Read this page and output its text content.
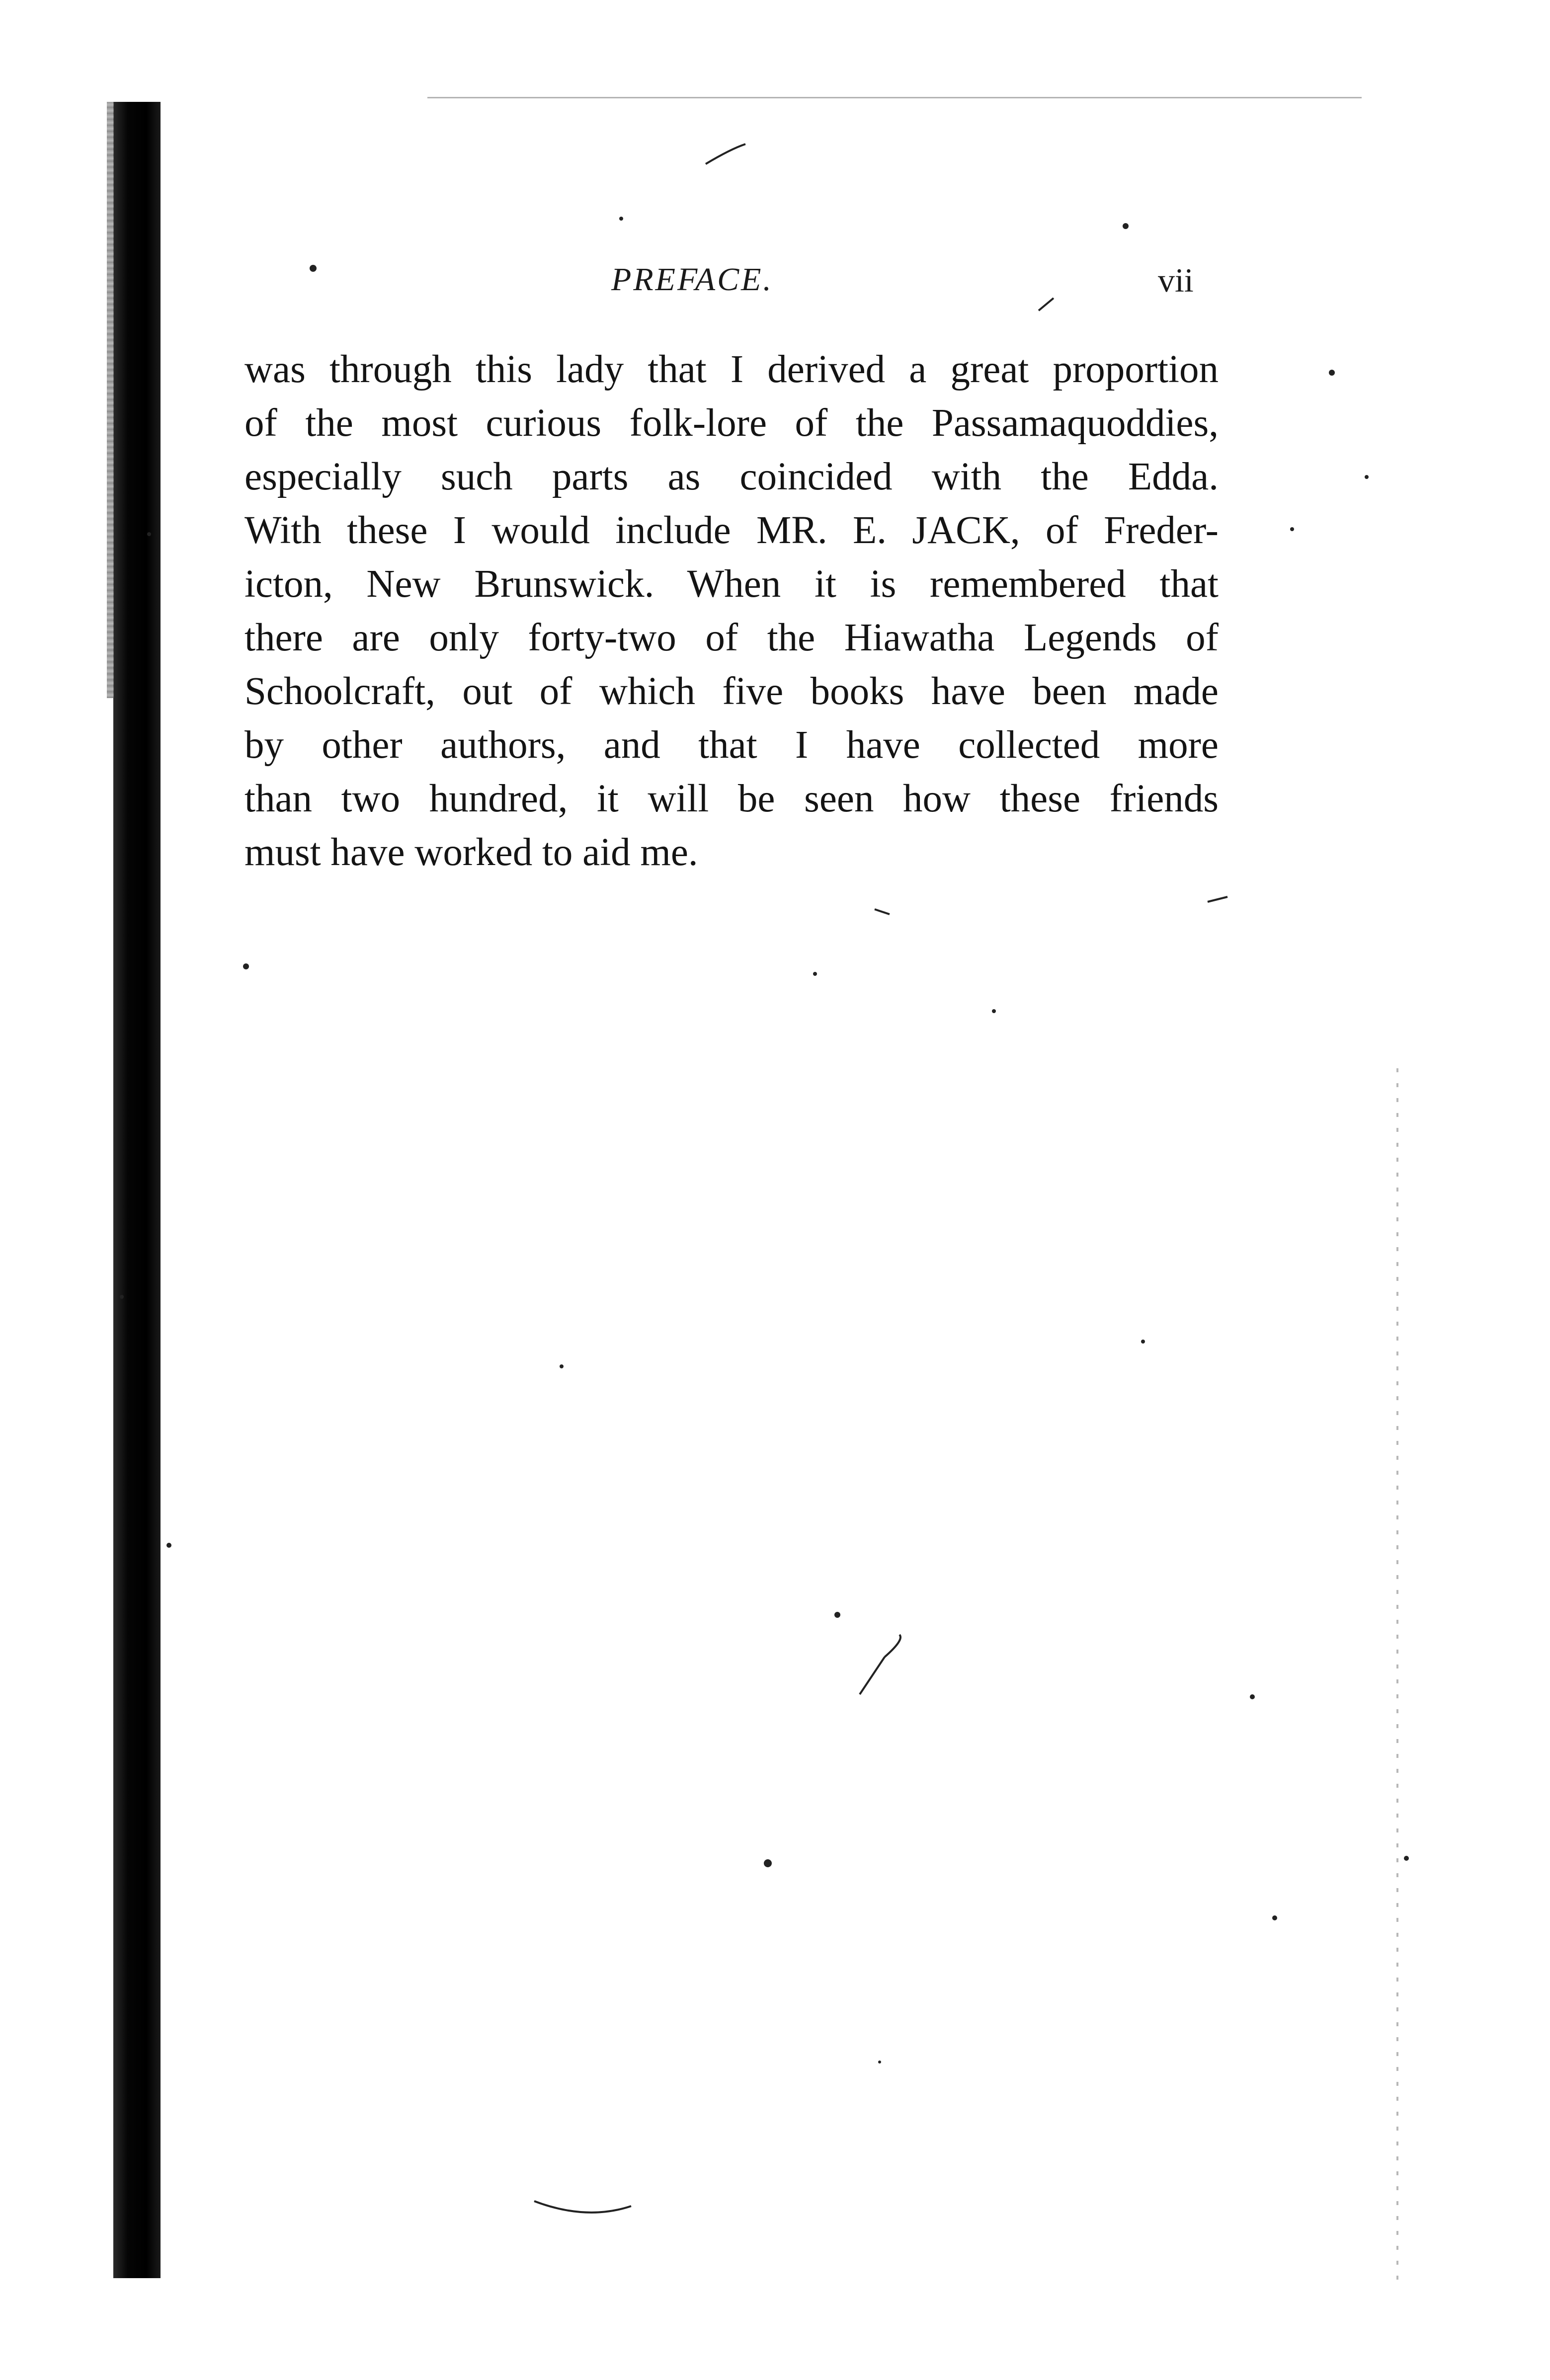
PREFACE.	vii
was through this lady that I derived a great proportion
of the most curious folk-lore of the Passamaquoddies,
especially such parts as coincided with the Edda.
With these I would include MR. E. JACK, of Freder-
icton, New Brunswick. When it is remembered that
there are only forty-two of the Hiawatha Legends of
Schoolcraft, out of which five books have been made
by other authors, and that I have collected more
than two hundred, it will be seen how these friends
must have worked to aid me.
